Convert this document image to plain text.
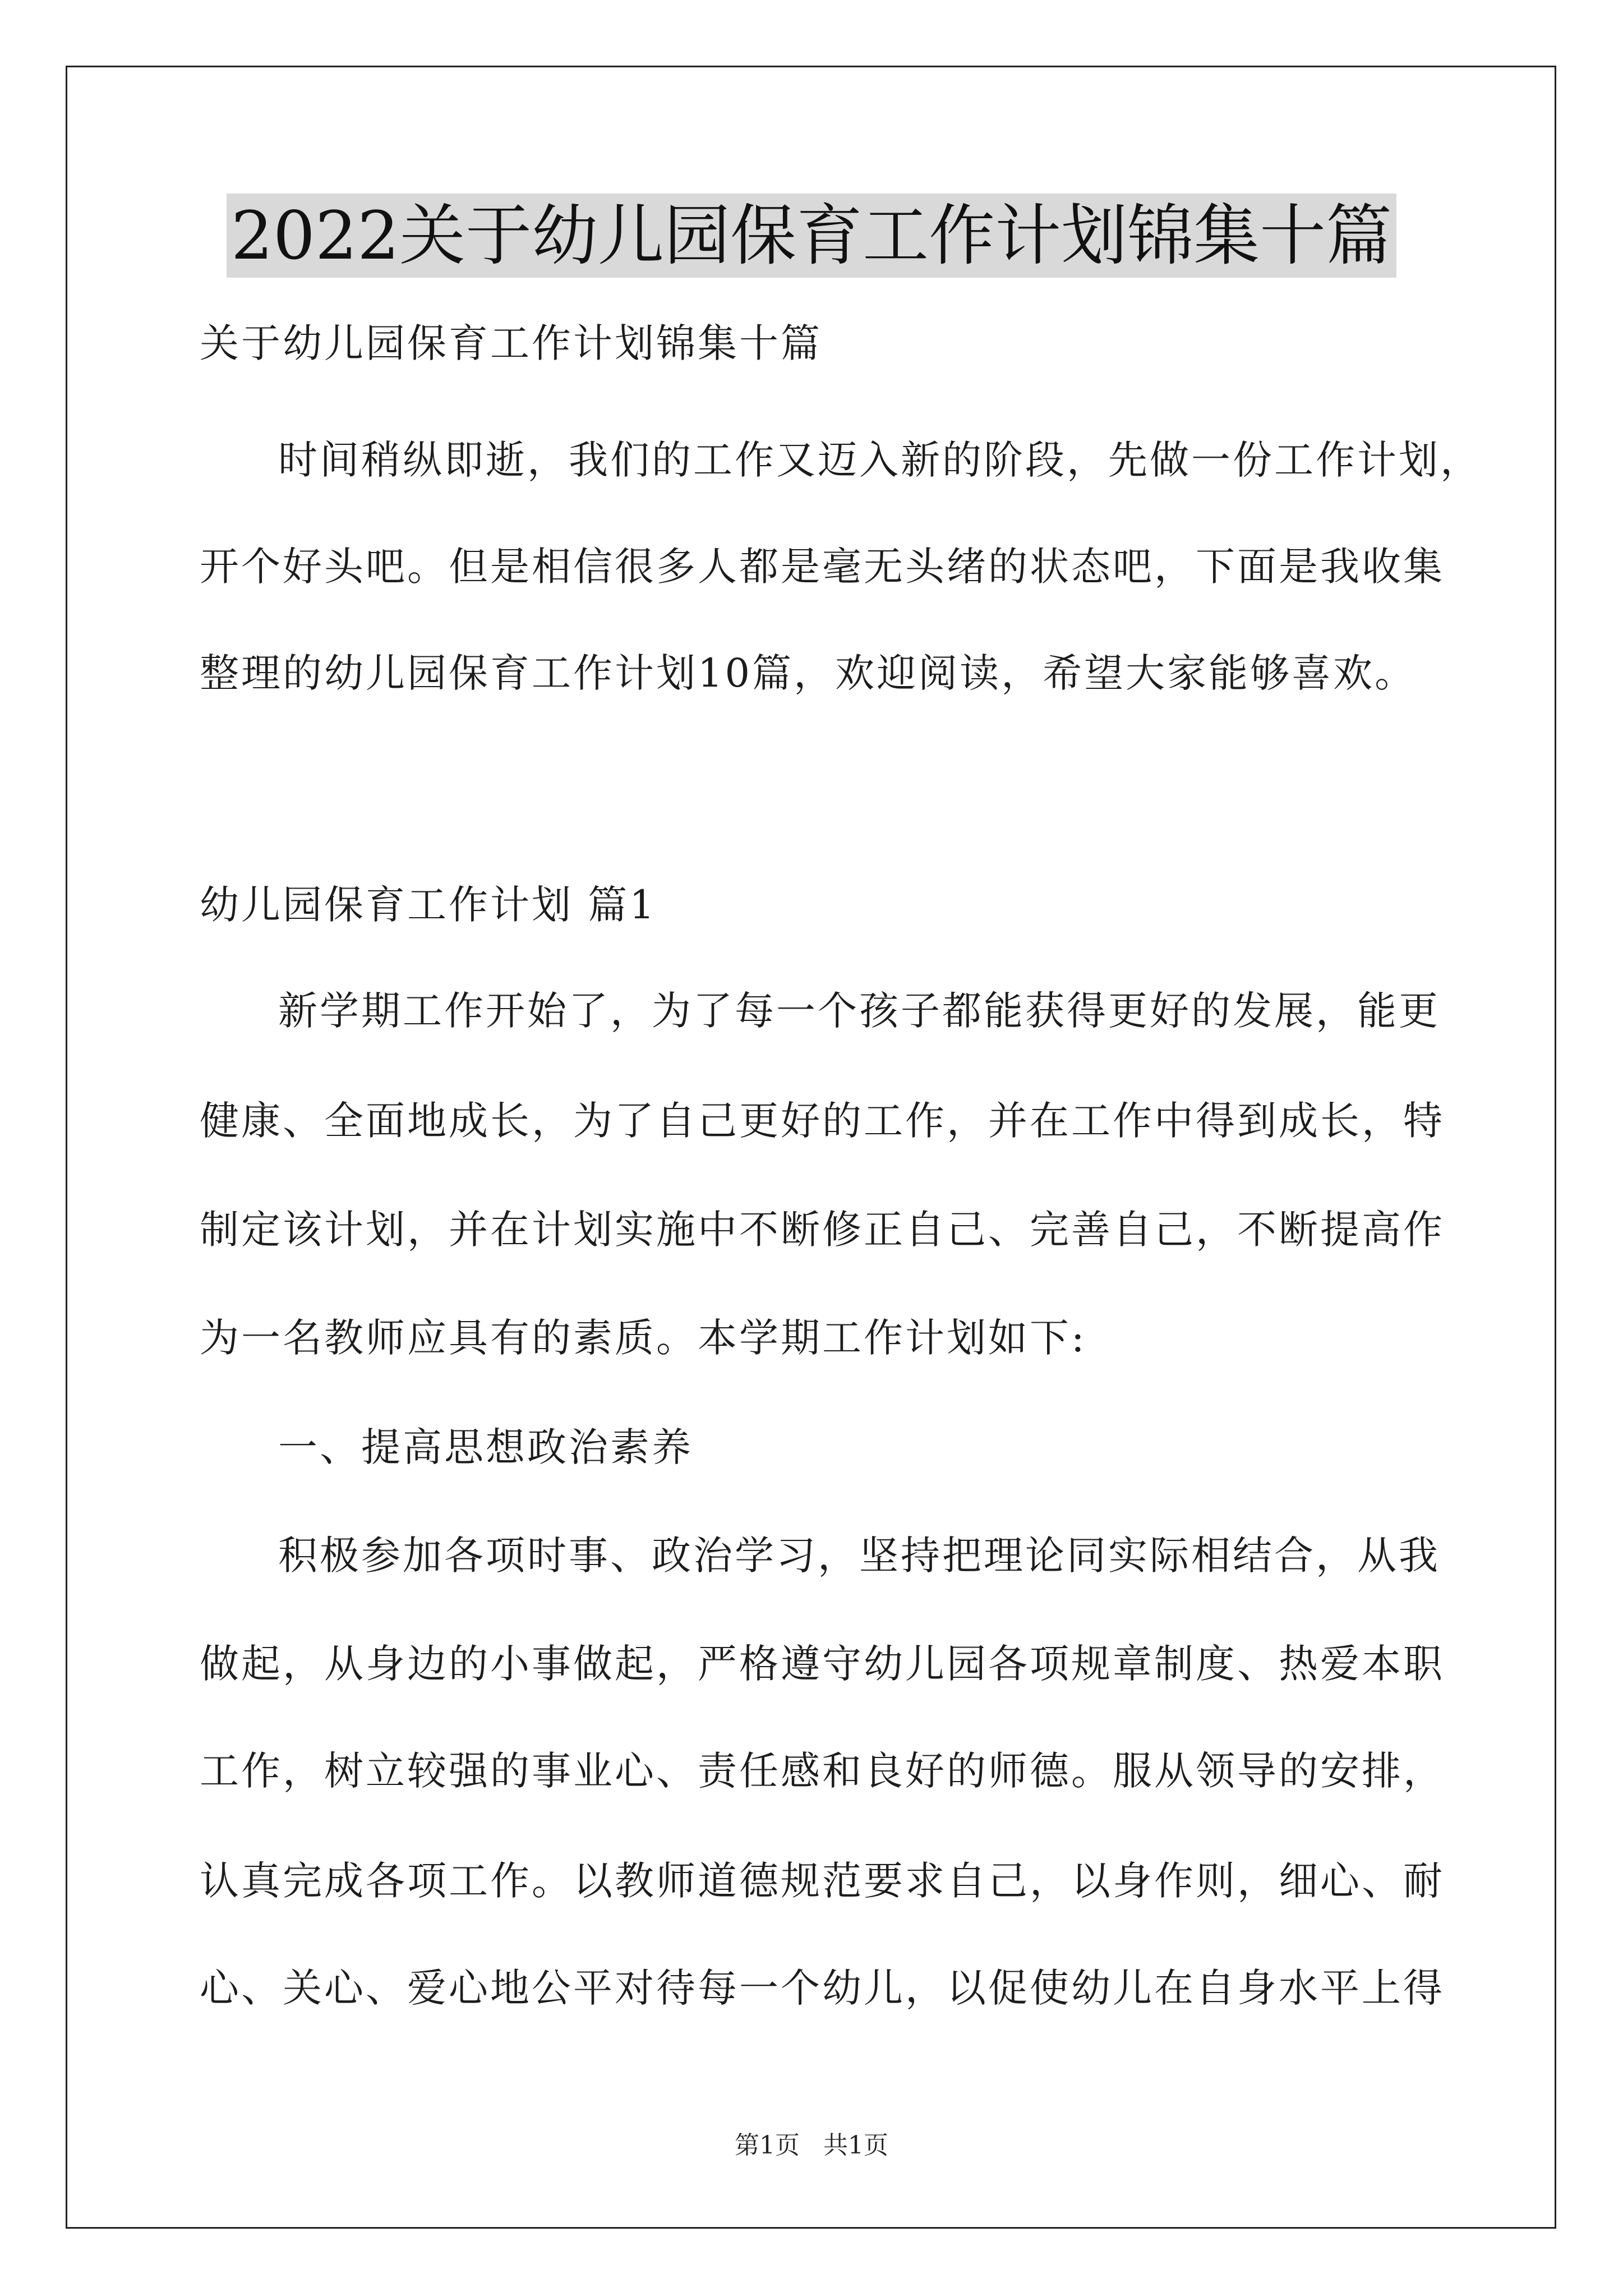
2022关于幼儿园保育工作计划锦集十篇
关于幼儿园保育工作计划锦集十篇
时间稍纵即逝，我们的工作又迈入新的阶段，先做一份工作计划，
开个好头吧。但是相信很多人都是毫无头绪的状态吧，下面是我收集
整理的幼儿园保育工作计划10篇，欢迎阅读，希望大家能够喜欢。
幼儿园保育工作计划 篇1
新学期工作开始了，为了每一个孩子都能获得更好的发展，能更
健康、全面地成长，为了自己更好的工作，并在工作中得到成长，特
制定该计划，并在计划实施中不断修正自己、完善自己，不断提高作
为一名教师应具有的素质。本学期工作计划如下:
一、提高思想政治素养
积极参加各项时事、政治学习，坚持把理论同实际相结合，从我
做起，从身边的小事做起，严格遵守幼儿园各项规章制度、热爱本职
工作，树立较强的事业心、责任感和良好的师德。服从领导的安排，
认真完成各项工作。以教师道德规范要求自己，以身作则，细心、耐
心、关心、爱心地公平对待每一个幼儿，以促使幼儿在自身水平上得
第1页 共1页
